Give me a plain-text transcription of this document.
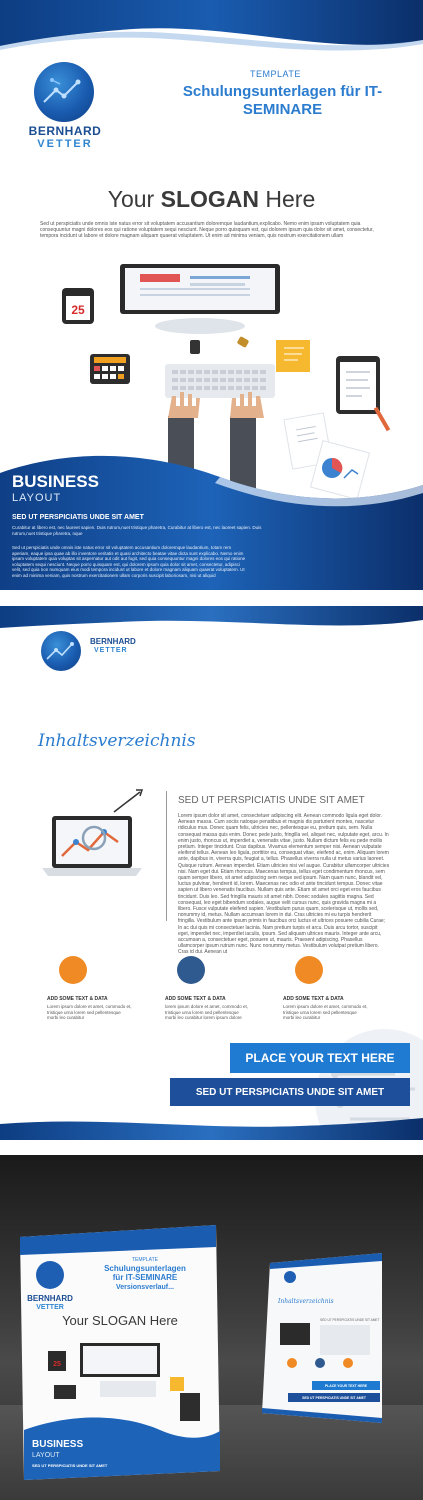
BERNHARD
VETTER
TEMPLATE
Schulungsunterlagen für IT-SEMINARE
Your SLOGAN Here
Sed ut perspiciatis unde omnis iste natus error sit voluptatem accusantium doloremque laudantium,explicabo. Nemo enim ipsam voluptatem quia consequuntur magni dolores eos qui ratione voluptatem sequi nesciunt. Neque porro quisquam est, qui dolorem ipsum quia dolor sit amet, consectetur, tempora incidunt ut labore et dolore magnam aliquam quaerat voluptatem. Ut enim ad minima veniam, quis nostrum exercitationem ullam
25
BUSINESS
LAYOUT
SED UT PERSPICIATIS UNDE SIT AMET
Curabitur at libero est, nec laoreet sapien. Duis rutrum,nuet tristique pharetra, Curabitur at libero est, nec laoreet sapien. Duis rutrum,nuet tristique pharetra, nque
Sed ut perspiciatis unde omnis iste natus error sit voluptatem accusantium doloremque laudantium, totam rem aperiam, eaque ipsa quae ab illo inventore veritatis et quasi architecto beatae vitae dicta sunt explicabo. Nemo enim ipsam voluptatem quia voluptas sit aspernatur aut odit aut fugit, sed quia consequuntur magni dolores eos qui ratione voluptatem sequi nesciunt. Neque porro quisquam est, qui dolorem ipsum quia dolor sit amet, consectetur, adipisci velit, sed quia non numquam eius modi tempora incidunt ut labore et dolore magnam aliquam quaerat voluptatem. Ut enim ad minima veniam, quis nostrum exercitationem ullam corporis suscipit laboriosam, nisi ut aliquid
BERNHARD
VETTER
Inhaltsverzeichnis
SED UT PERSPICIATIS UNDE SIT AMET
Lorem ipsum dolor sit amet, consectetuer adipiscing elit. Aenean commodo ligula eget dolor. Aenean massa. Cum sociis natoque penatibus et magnis dis parturient montes, nascetur ridiculus mus. Donec quam felis, ultricies nec, pellentesque eu, pretium quis, sem. Nulla consequat massa quis enim. Donec pede justo, fringilla vel, aliquet nec, vulputate eget, arcu. In enim justo, rhoncus ut, imperdiet a, venenatis vitae, justo. Nullam dictum felis eu pede mollis pretium. Integer tincidunt. Cras dapibus. Vivamus elementum semper nisi. Aenean vulputate eleifend tellus. Aenean leo ligula, porttitor eu, consequat vitae, eleifend ac, enim. Aliquam lorem ante, dapibus in, viverra quis, feugiat a, tellus. Phasellus viverra nulla ut metus varius laoreet. Quisque rutrum. Aenean imperdiet. Etiam ultricies nisi vel augue. Curabitur ullamcorper ultricies nisi. Nam eget dui. Etiam rhoncus. Maecenas tempus, tellus eget condimentum rhoncus, sem quam semper libero, sit amet adipiscing sem neque sed ipsum. Nam quam nunc, blandit vel, luctus pulvinar, hendrerit id, lorem. Maecenas nec odio et ante tincidunt tempus. Donec vitae sapien ut libero venenatis faucibus. Nullam quis ante. Etiam sit amet orci eget eros faucibus tincidunt. Duis leo. Sed fringilla mauris sit amet nibh. Donec sodales sagittis magna. Sed consequat, leo eget bibendum sodales, augue velit cursus nunc, quis gravida magna mi a libero. Fusce vulputate eleifend sapien. Vestibulum purus quam, scelerisque ut, mollis sed, nonummy id, metus. Nullam accumsan lorem in dui. Cras ultricies mi eu turpis hendrerit fringilla. Vestibulum ante ipsum primis in faucibus orci luctus et ultrices posuere cubilia Curae; In ac dui quis mi consectetuer lacinia. Nam pretium turpis et arcu. Duis arcu tortor, suscipit eget, imperdiet nec, imperdiet iaculis, ipsum. Sed aliquam ultrices mauris. Integer ante arcu, accumsan a, consectetuer eget, posuere ut, mauris. Praesent adipiscing. Phasellus ullamcorper ipsum rutrum nunc. Nunc nonummy metus. Vestibulum volutpat pretium libero. Cras id dui. Aenean ut
ADD SOME TEXT & DATA
Lorem ipsum dolore et amet, commodo et, tristique urna lorem sed pellentesque morbi leo curabitur
ADD SOME TEXT & DATA
lorem ipsum dolore et amet, commodo et, tristique urna lorem sed pellentesque morbi leo curabitur lorem ipsum dolore
ADD SOME TEXT & DATA
Lorem ipsum dolore et amet, commodo et, tristique urna lorem sed pellentesque morbi leo curabitur
PLACE YOUR TEXT HERE
SED UT PERSPICIATIS UNDE SIT AMET
BERNHARD
VETTER
TEMPLATE
Schulungsunterlagen
für IT-SEMINARE
Versionsverlauf...
Your SLOGAN Here
25
BUSINESS
LAYOUT
SED UT PERSPICIATIS UNDE SIT AMET
Inhaltsverzeichnis
SED UT PERSPICIATIS UNDE SIT AMET
PLACE YOUR TEXT HERE
SED UT PERSPICIATIS UNDE SIT AMET
